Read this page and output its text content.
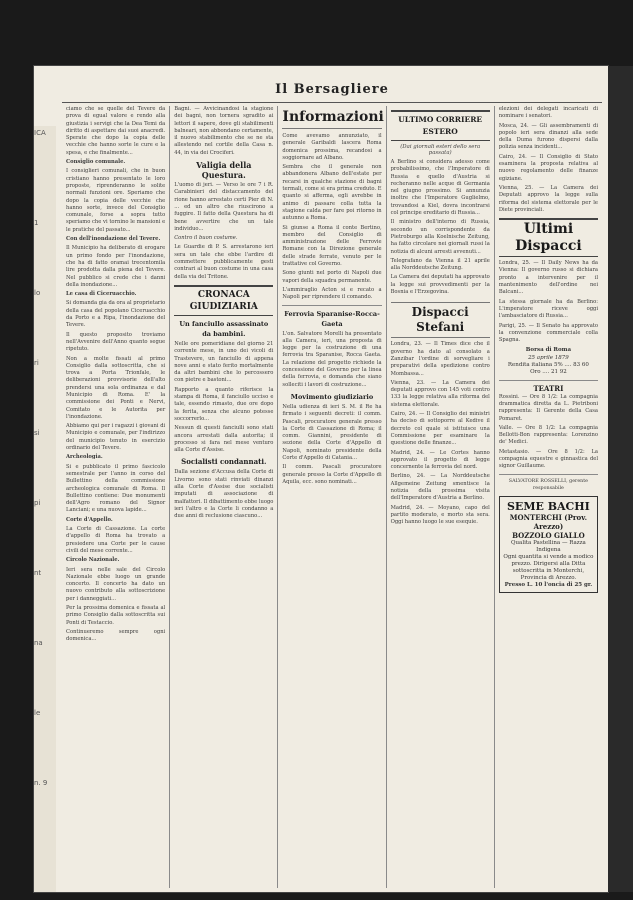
ICA
1
lo
ri
si
pi
nt
na
le
n. 9
Il Bersagliere

ciamo che se quelle del Tevere da prova di egual valore e rendo alla giustizia i servigi che la Dea Temi da diritto di aspettare dai suoi anacredi. Sperate che dopo la copia delle vecchie che hanno sorte le cure e la spesa, e che finalmente...

Consiglio comunale.

I consiglieri comunali, che in buon cristiano hanno presentato le loro proposte, riprenderanno le solite normali funzioni ore. Speriamo che dopo la copia delle vecchie che hanno sorte, invece del Consiglio comunale, forse a sopra tutto speriamo che vi tornino le mansioni e le pratiche del passato...

Con dell'inondazione del Tevere.

Il Municipio ha deliberato di erogare un primo fondo per l'inondazione, che ha di fatto oramai trecentomila lire prodotta dalla piena del Tevere. Nel pubblico si crede che i danni della inondazione...

Le casa di Ciceruacchio.

Si domanda gia da ora al proprietario della casa del popolano Ciceruacchio da Porto e a Ripa, l'inondazione del Tevere.

Il questo proposito troviamo nell'Avvenire dell'Anno quanto segue ripetuto.

Non a molte fissati al primo Consiglio dalla sottoscritta, che si trova a Porta Trionfale, le deliberazioni provvisorie dell'alto prendersi una sola ordinanza e dal Municipio di Roma. E' la commissione dei Ponti e Nervi, Comitato e le Autorita per l'inondazione.

Abbiamo qui per i ragazzi i giovani di Municipio e comunale, per l'indirizzo del municipio tenuto in esercizio ordinario del Tevere.

Archeologia.

Si e pubblicato il primo fascicolo semestrale per l'anno in corso del Bullettino della commissione archeologica comunale di Roma. Il Bullettino contiene: Due monumenti dell'Agro romano del Signor Lanciani; e una nuova lapide...

Corte d'Appello.

La Corte di Cassazione. La corte d'appello di Roma ha trovato a presiedere una Corte per le cause civili del mese corrente...

Circolo Nazionale.

Ieri sera nelle sale del Circolo Nazionale ebbe luogo un grande concerto. Il concerto ha dato un nuovo contributo alla sottoscrizione per i danneggiati...

Per la prossima domenica e fissata al primo Consiglio dalla sottoscritta sui Ponti di Testaccio.

Continueremo sempre ogni domenica...

Bagni. — Avvicinandosi la stagione dei bagni, non tornera sgradito ai lettori il sapere, dove gli stabilimenti balneari, non abbondano certamente, il nuovo stabilimento che se ne sta allestendo nel cortile della Casa n. 44, in via dei Crociferi.

Valigia della Questura.

L'uomo di jeri. — Verso le ore 7 i R. Carabinieri del distaccamento del rione hanno arrestato certi Pier di N. ... ed un altro che riuscirono a fuggire. Il fatto della Questura ha di bene avvertire che un tale individuo...

Contro il buon costume.

Le Guardie di P. S. arrestarono ieri sera un tale che ebbe l'ardire di commettere pubblicamente gesti contrari al buon costume in una casa della via del Tritone.

CRONACA GIUDIZIARIA
Un fanciullo assassinato da bambini.

Nelle ore pomeridiane del giorno 21 corrente mese, in uno dei vicoli di Trastevere, un fanciullo di appena nove anni e stato ferito mortalmente da altri bambini che lo percossero con pietre e bastoni...

Rapporto a quanto riferisce la stampa di Roma, il fanciullo ucciso e tale, essendo rimasto, due ore dopo la ferita, senza che alcuno potesse soccorrerlo...

Nessun di questi fanciulli sono stati ancora arrestati dalla autorita; il processo si fara nel mese venturo alla Corte d'Assise.

Socialisti condannati.

Dalla sezione d'Accusa della Corte di Livorno sono stati rinviati dinanzi alla Corte d'Assise due socialisti imputati di associazione di malfattori. Il dibattimento ebbe luogo ieri l'altro e la Corte li condanno a due anni di reclusione ciascuno...

Informazioni

Come avevamo annunziato, il generale Garibaldi lascera Roma domenica prossima, recandosi a soggiornare ad Albano.

Sembra che il generale non abbandonera Albano dell'estate per recarsi in qualche stazione di bagni termali, come si era prima creduto. E quanto si afferma, egli avrebbe in animo di passare colla tutta la stagione calda per fare poi ritorno in autunno a Roma.

Si giunse a Roma il conte Bertino, membro del Consiglio di amministrazione delle Ferrovie Romane con la Direzione generale delle strade ferrate, venuto per le trattative col Governo.

Sono giunti nel porto di Napoli due vapori della squadra permanente.

L'ammiraglio Acton si e recato a Napoli per riprendere il comando.

Ferrovia Sparanise-Rocca-Gaeta

L'on. Salvatore Morelli ha presentato alla Camera, ieri, una proposta di legge per la costruzione di una ferrovia tra Sparanise, Rocca Gaeta. La relazione del progetto richiede la concessione del Governo per la linea della ferrovia, e domanda che siano solleciti i lavori di costruzione...

Movimento giudiziario

Nella udienza di ieri S. M. il Re ha firmato i seguenti decreti: il comm. Pascali, procuratore generale presso la Corte di Cassazione di Roma; il comm. Giannini, presidente di sezione della Corte d'Appello di Napoli, nominato presidente della Corte d'Appello di Catania...

Il comm. Pascali procuratore generale presso la Corte d'Appello di Aquila, ecc. sono nominati...

ULTIMO CORRIERE ESTERO
(Dai giornali esteri dello sera passata)

A Berlino si considera adesso come probabilissimo, che l'Imperatore di Russia e quello d'Austria si recheranno nelle acque di Germania nel giugno prossimo. Si annunzia inoltre che l'Imperatore Guglielmo, trovandosi a Kiel, dovra incontrarsi col principe ereditario di Russia...

Il ministro dell'interno di Russia, secondo un corrispondente da Pietroburgo alla Koelnische Zeitung, ha fatto circolare nei giornali russi la notizia di alcuni arresti avvenuti...

Telegrafano da Vienna il 21 aprile alla Norddeutsche Zeitung.

La Camera dei deputati ha approvato la legge sui provvedimenti per la Bosnia e l'Erzegovina.

Dispacci Stefani

Londra, 23. — Il Times dice che il governo ha dato al consolato a Zanzibar l'ordine di sorvegliare i preparativi della spedizione contro Mombassa...

Vienna, 23. — La Camera dei deputati approvo con 145 voti contro 133 la legge relativa alla riforma del sistema elettorale.

Cairo, 24. — Il Consiglio dei ministri ha deciso di sottoporre al Kedive il decreto col quale si istituisce una Commissione per esaminare la questione delle finanze...

Madrid, 24. — Le Cortes hanno approvato il progetto di legge concernente la ferrovia del nord.

Berlino, 24. — La Norddeutsche Allgemeine Zeitung smentisce la notizia della prossima visita dell'Imperatore d'Austria a Berlino.

Madrid, 24. — Moyano, capo del partito moderato, e morto sta sera. Oggi hanno luogo le sue esequie.

elezioni dei delegati incaricati di nominare i senatori.

Mosca, 24. — Gli assembramenti di popolo ieri sera dinanzi alla sede della Duma furono dispersi dalla polizia senza incidenti...

Cairo, 24. — Il Consiglio di Stato esaminera la proposta relativa al nuovo regolamento delle finanze egiziane.

Vienna, 25. — La Camera dei Deputati approvo la legge sulla riforma del sistema elettorale per le Diete provinciali.

Ultimi Dispacci

Londra, 25. — Il Daily News ha da Vienna: Il governo russo si dichiara pronto a intervenire per il mantenimento dell'ordine nei Balcani...

La stessa giornale ha da Berlino: L'imperatore riceve oggi l'ambasciatore di Russia...

Parigi, 25. — Il Senato ha approvato la convenzione commerciale colla Spagna.

Borsa di Roma
25 aprile 1879
Rendita italiana 5% .... 83 60
Oro .... 21 92
TEATRI

Rossini. — Ore 8 1/2: La compagnia drammatica diretta da L. Pietriboni rappresenta: Il Gerente della Casa Pomaret.

Valle. — Ore 8 1/2: La compagnia Bellotti-Bon rappresenta: Lorenzino de' Medici.

Metastasio. — Ore 8 1/2: La compagnia equestre e ginnastica del signor Guillaume.

SALVATORE ROSSELLI, gerente responsabile

SEME BACHI
MONTERCHI (Prov. Arezzo)
BOZZOLO GIALLO
Qualita Pastellina — Razza Indigena
Ogni quantita si vende a modico prezzo. Dirigersi alla Ditta sottoscritta in Monterchi, Provincia di Arezzo.
Presso L. 10 l'oncia di 25 gr.
